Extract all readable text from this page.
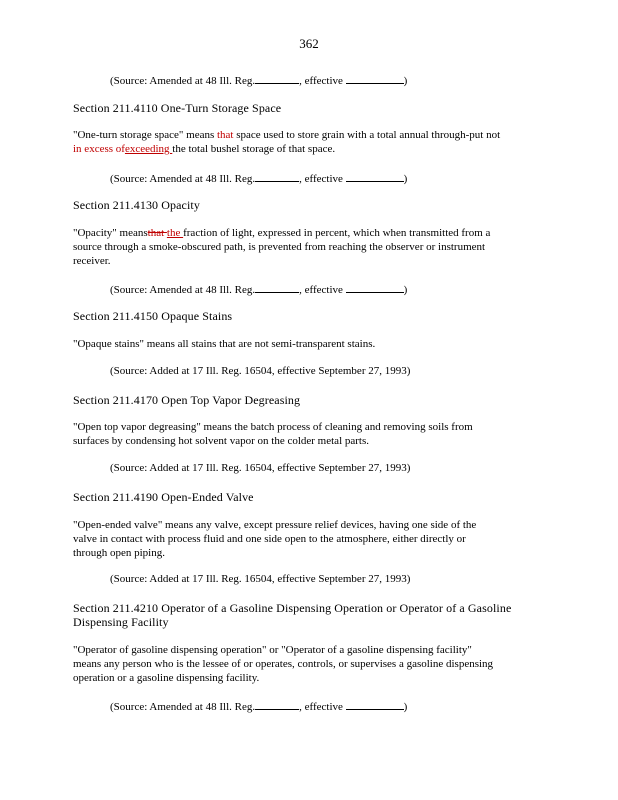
362
(Source: Amended at 48 Ill. Reg.	, effective	)
Section 211.4110 One-Turn Storage Space
"One-turn storage space" means that space used to store grain with a total annual through-put not
in excess ofexceeding the total bushel storage of that space.
(Source: Amended at 48 Ill. Reg.	, effective	)
Section 211.4130 Opacity
"Opacity" meansthat the fraction of light, expressed in percent, which when transmitted from a
source through a smoke-obscured path, is prevented from reaching the observer or instrument
receiver.
(Source: Amended at 48 Ill. Reg.	, effective	)
Section 211.4150 Opaque Stains
"Opaque stains" means all stains that are not semi-transparent stains.
(Source: Added at 17 Ill. Reg. 16504, effective September 27, 1993)
Section 211.4170 Open Top Vapor Degreasing
"Open top vapor degreasing" means the batch process of cleaning and removing soils from
surfaces by condensing hot solvent vapor on the colder metal parts.
(Source: Added at 17 Ill. Reg. 16504, effective September 27, 1993)
Section 211.4190 Open-Ended Valve
"Open-ended valve" means any valve, except pressure relief devices, having one side of the
valve in contact with process fluid and one side open to the atmosphere, either directly or
through open piping.
(Source: Added at 17 Ill. Reg. 16504, effective September 27, 1993)
Section 211.4210 Operator of a Gasoline Dispensing Operation or Operator of a Gasoline
Dispensing Facility
"Operator of gasoline dispensing operation" or "Operator of a gasoline dispensing facility"
means any person who is the lessee of or operates, controls, or supervises a gasoline dispensing
operation or a gasoline dispensing facility.
(Source: Amended at 48 Ill. Reg.	, effective	)
